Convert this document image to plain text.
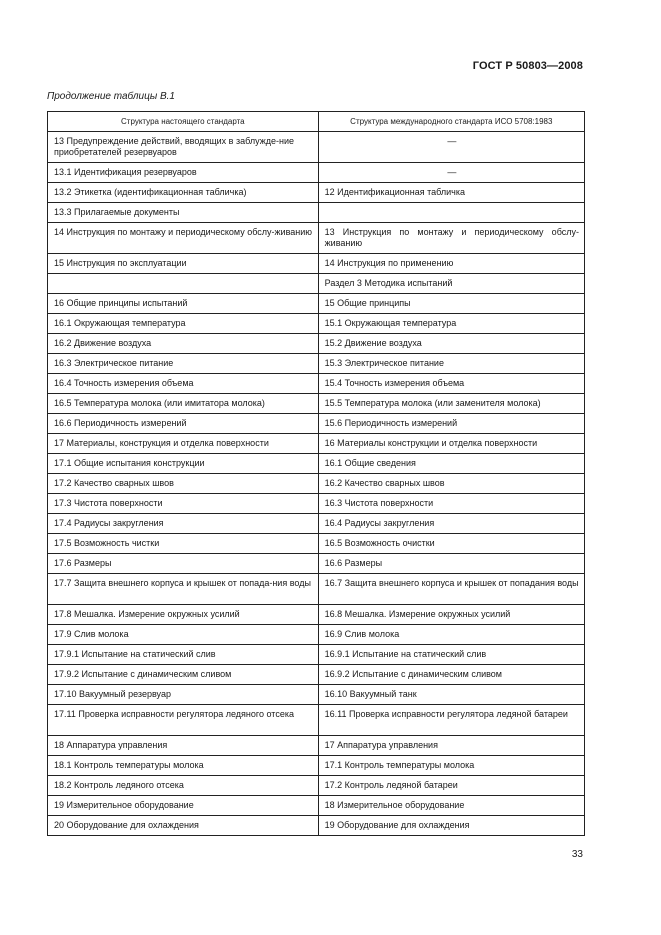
ГОСТ Р 50803—2008
Продолжение таблицы В.1
Структура настоящего стандарта	Структура международного стандарта ИСО 5708:1983
13 Предупреждение действий, вводящих в заблужде-ние приобретателей резервуаров	—
13.1 Идентификация резервуаров	—
13.2 Этикетка (идентификационная табличка)	12 Идентификационная табличка
13.3 Прилагаемые документы	
14 Инструкция по монтажу и периодическому обслу-живанию	13 Инструкция по монтажу и периодическому обслу-живанию
15 Инструкция по эксплуатации	14 Инструкция по применению
	Раздел 3 Методика испытаний
16 Общие принципы испытаний	15 Общие принципы
16.1 Окружающая температура	15.1 Окружающая температура
16.2 Движение воздуха	15.2 Движение воздуха
16.3 Электрическое питание	15.3 Электрическое питание
16.4 Точность измерения объема	15.4 Точность измерения объема
16.5 Температура молока (или имитатора молока)	15.5 Температура молока (или заменителя молока)
16.6 Периодичность измерений	15.6 Периодичность измерений
17 Материалы, конструкция и отделка поверхности	16 Материалы конструкции и отделка поверхности
17.1 Общие испытания конструкции	16.1 Общие сведения
17.2 Качество сварных швов	16.2 Качество сварных швов
17.3 Чистота поверхности	16.3 Чистота поверхности
17.4 Радиусы закругления	16.4 Радиусы закругления
17.5 Возможность чистки	16.5 Возможность очистки
17.6 Размеры	16.6 Размеры
17.7 Защита внешнего корпуса и крышек от попада-ния воды	16.7 Защита внешнего корпуса и крышек от попадания воды
17.8 Мешалка. Измерение окружных усилий	16.8 Мешалка. Измерение окружных усилий
17.9 Слив молока	16.9 Слив молока
17.9.1 Испытание на статический слив	16.9.1 Испытание на статический слив
17.9.2 Испытание с динамическим сливом	16.9.2 Испытание с динамическим сливом
17.10 Вакуумный резервуар	16.10 Вакуумный танк
17.11 Проверка исправности регулятора ледяного отсека	16.11 Проверка исправности регулятора ледяной батареи
18 Аппаратура управления	17 Аппаратура управления
18.1 Контроль температуры молока	17.1 Контроль температуры молока
18.2 Контроль ледяного отсека	17.2 Контроль ледяной батареи
19 Измерительное оборудование	18 Измерительное оборудование
20 Оборудование для охлаждения	19 Оборудование для охлаждения
33
